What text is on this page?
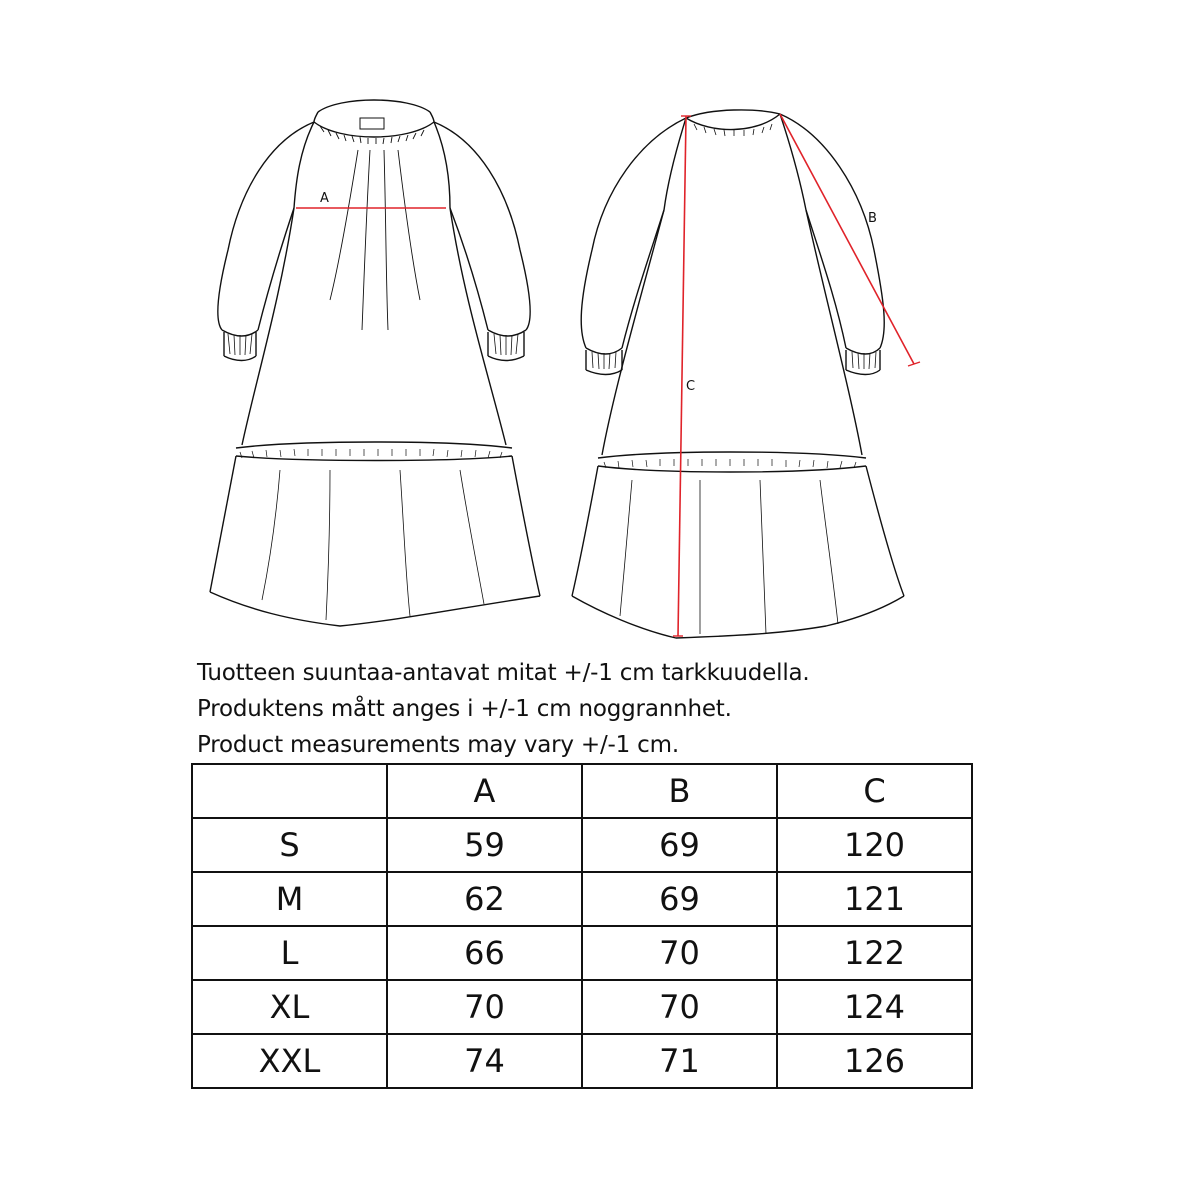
A
B
C

Tuotteen suuntaa-antavat mitat +/-1 cm tarkkuudella.

Produktens mått anges i +/-1 cm noggrannhet.

Product measurements may vary +/-1 cm.

	A	B	C
S	59	69	120
M	62	69	121
L	66	70	122
XL	70	70	124
XXL	74	71	126
